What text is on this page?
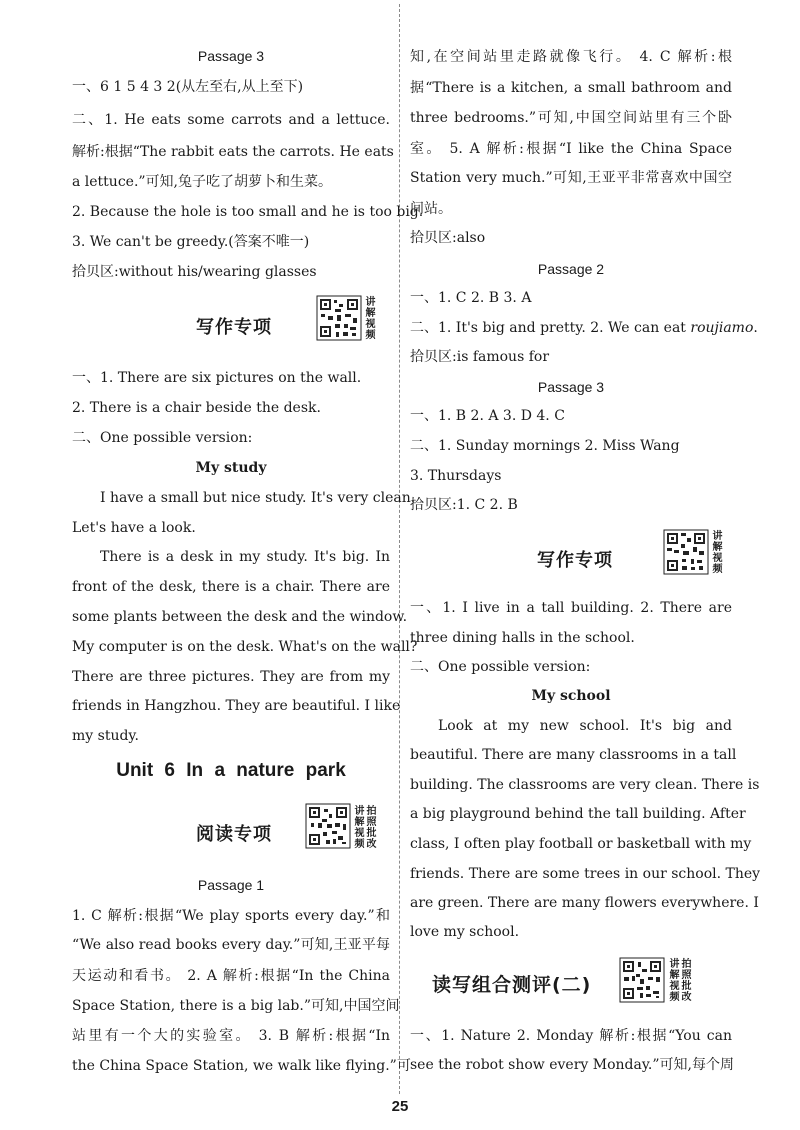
Passage 3
一、6 1 5 4 3 2(从左至右,从上至下)
二、1. He eats some carrots and a lettuce.
解析:根据“The rabbit eats the carrots. He eats
a lettuce.”可知,兔子吃了胡萝卜和生菜。
2. Because the hole is too small and he is too big.
3. We can't be greedy.(答案不唯一)
拾贝区:without his/wearing glasses
写作专项
讲
解
视
频
一、1. There are six pictures on the wall.
2. There is a chair beside the desk.
二、One possible version:
My study
I have a small but nice study. It's very clean.
Let's have a look.
There is a desk in my study. It's big. In
front of the desk, there is a chair. There are
some plants between the desk and the window.
My computer is on the desk. What's on the wall?
There are three pictures. They are from my
friends in Hangzhou. They are beautiful. I like
my study.
Unit 6 In a nature park
阅读专项
讲
解
视
频
拍
照
批
改
Passage 1
1. C 解析:根据“We play sports every day.”和
“We also read books every day.”可知,王亚平每
天运动和看书。 2. A 解析:根据“In the China
Space Station, there is a big lab.”可知,中国空间
站里有一个大的实验室。 3. B 解析:根据“In
the China Space Station, we walk like flying.”可
知,在空间站里走路就像飞行。 4. C 解析:根
据“There is a kitchen, a small bathroom and
three bedrooms.”可知,中国空间站里有三个卧
室。 5. A 解析:根据“I like the China Space
Station very much.”可知,王亚平非常喜欢中国空
间站。
拾贝区:also
Passage 2
一、1. C 2. B 3. A
二、1. It's big and pretty. 2. We can eat roujiamo.
拾贝区:is famous for
Passage 3
一、1. B 2. A 3. D 4. C
二、1. Sunday mornings 2. Miss Wang
3. Thursdays
拾贝区:1. C 2. B
写作专项
讲
解
视
频
一、1. I live in a tall building. 2. There are
three dining halls in the school.
二、One possible version:
My school
Look at my new school. It's big and
beautiful. There are many classrooms in a tall
building. The classrooms are very clean. There is
a big playground behind the tall building. After
class, I often play football or basketball with my
friends. There are some trees in our school. They
are green. There are many flowers everywhere. I
love my school.
读写组合测评(二)
讲
解
视
频
拍
照
批
改
一、1. Nature 2. Monday 解析:根据“You can
see the robot show every Monday.”可知,每个周
25
